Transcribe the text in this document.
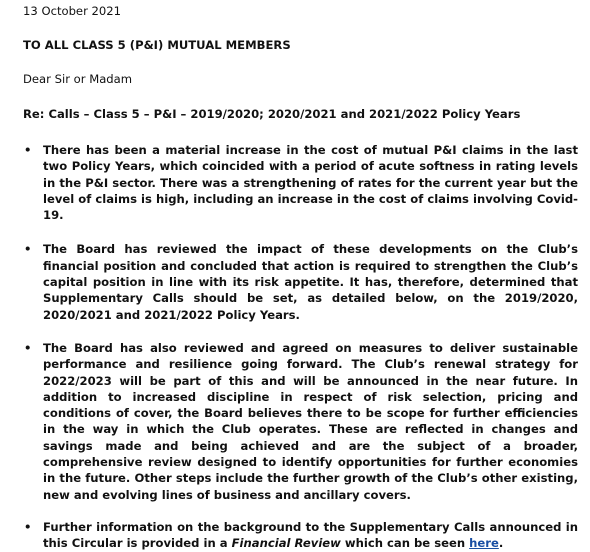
13 October 2021

TO ALL CLASS 5 (P&I) MUTUAL MEMBERS

Dear Sir or Madam

Re: Calls – Class 5 – P&I – 2019/2020; 2020/2021 and 2021/2022 Policy Years

• There has been a material increase in the cost of mutual P&I claims in the last two Policy Years, which coincided with a period of acute softness in rating levels in the P&I sector. There was a strengthening of rates for the current year but the level of claims is high, including an increase in the cost of claims involving Covid-19.
• The Board has reviewed the impact of these developments on the Club’s financial position and concluded that action is required to strengthen the Club’s capital position in line with its risk appetite. It has, therefore, determined that Supplementary Calls should be set, as detailed below, on the 2019/2020, 2020/2021 and 2021/2022 Policy Years.
• The Board has also reviewed and agreed on measures to deliver sustainable performance and resilience going forward. The Club’s renewal strategy for 2022/2023 will be part of this and will be announced in the near future. In addition to increased discipline in respect of risk selection, pricing and conditions of cover, the Board believes there to be scope for further efficiencies in the way in which the Club operates. These are reflected in changes and savings made and being achieved and are the subject of a broader, comprehensive review designed to identify opportunities for further economies in the future. Other steps include the further growth of the Club’s other existing, new and evolving lines of business and ancillary covers.
• Further information on the background to the Supplementary Calls announced in this Circular is provided in a Financial Review which can be seen here.
